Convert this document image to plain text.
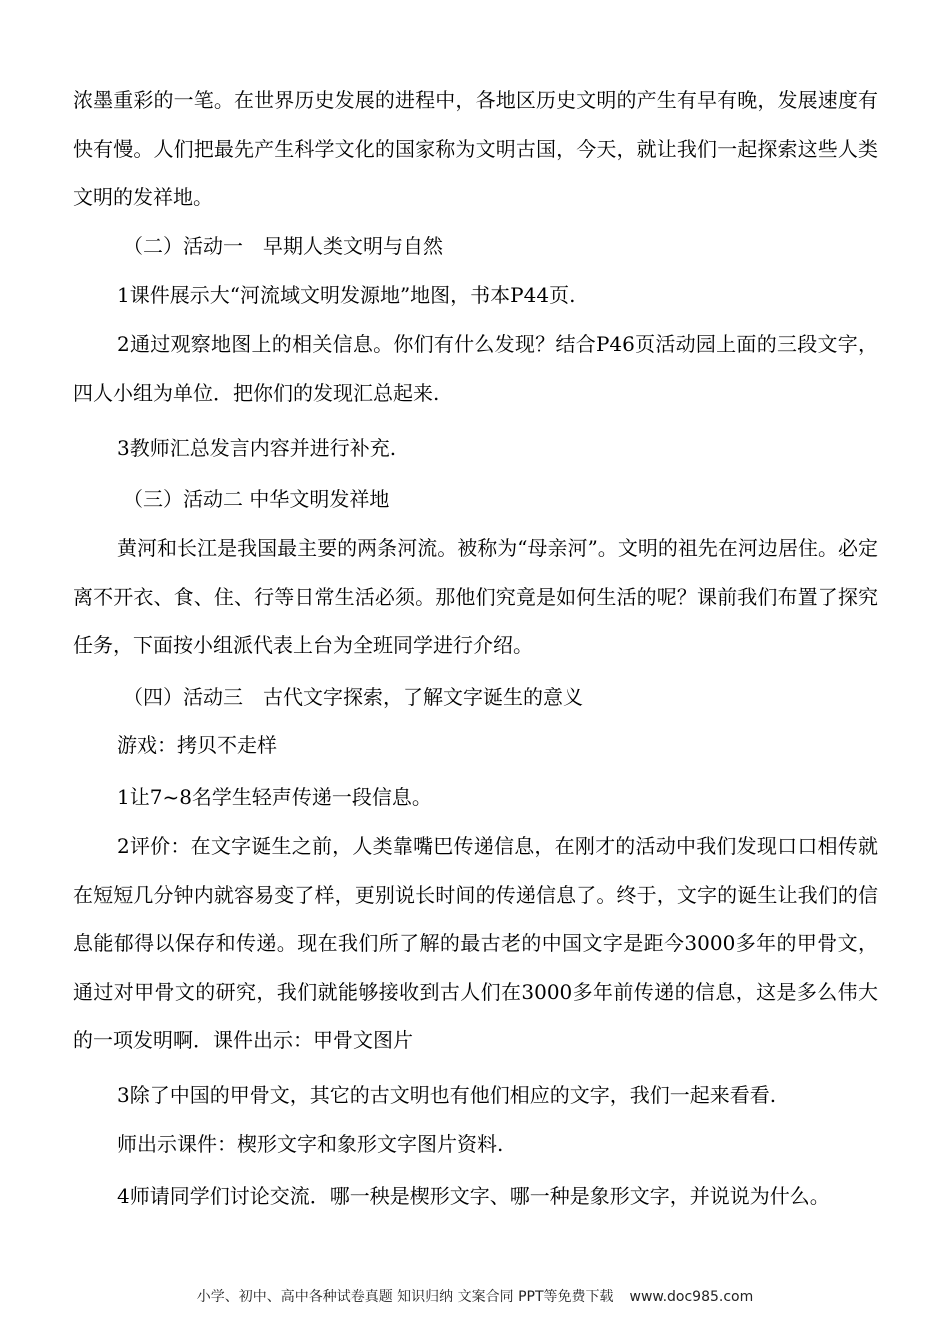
浓墨重彩的一笔。在世界历史发展的进程中，各地区历史文明的产生有早有晚，发展速度有快有慢。人们把最先产生科学文化的国家称为文明古国，今天，就让我们一起探索这些人类文明的发祥地。

（二）活动一　早期人类文明与自然

1课件展示大“河流域文明发源地”地图，书本P44页.

2通过观察地图上的相关信息。你们有什么发现？结合P46页活动园上面的三段文字，四人小组为单位．把你们的发现汇总起来.

3教师汇总发言内容并进行补充.

（三）活动二 中华文明发祥地

黄河和长江是我国最主要的两条河流。被称为“母亲河”。文明的祖先在河边居住。必定离不开衣、食、住、行等日常生活必须。那他们究竟是如何生活的呢？课前我们布置了探究任务，下面按小组派代表上台为全班同学进行介绍。

（四）活动三　古代文字探索，了解文字诞生的意义

游戏：拷贝不走样

1让7~8名学生轻声传递一段信息。

2评价：在文字诞生之前，人类靠嘴巴传递信息，在刚才的活动中我们发现口口相传就在短短几分钟内就容易变了样，更别说长时间的传递信息了。终于，文字的诞生让我们的信息能郁得以保存和传递。现在我们所了解的最古老的中国文字是距今3000多年的甲骨文，通过对甲骨文的研究，我们就能够接收到古人们在3000多年前传递的信息，这是多么伟大的一项发明啊．课件出示：甲骨文图片

3除了中国的甲骨文，其它的古文明也有他们相应的文字，我们一起来看看.

师出示课件：楔形文字和象形文字图片资料.

4师请同学们讨论交流．哪一秧是楔形文字、哪一种是象形文字，并说说为什么。

小学、初中、高中各种试卷真题 知识归纳 文案合同 PPT等免费下载 www.doc985.com
